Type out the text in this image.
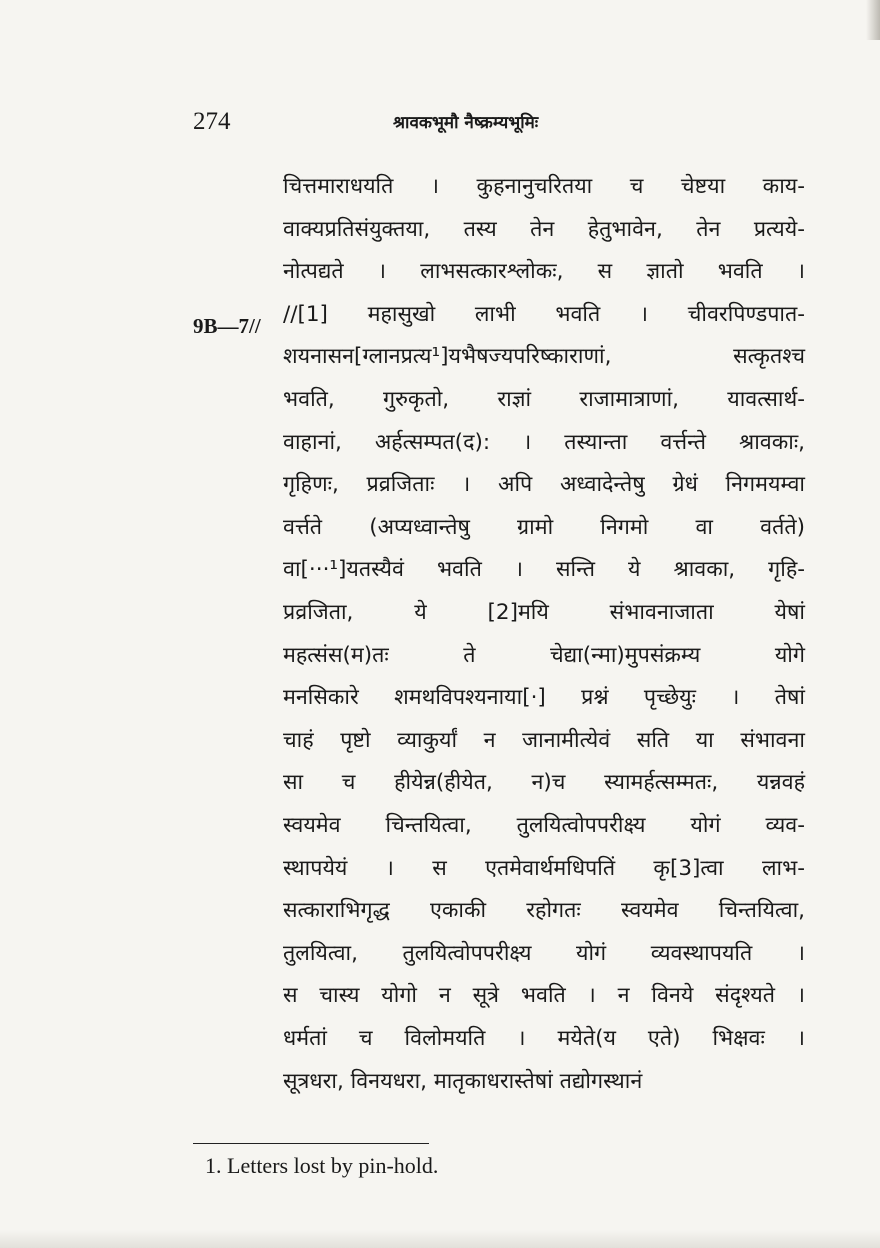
274	श्रावकभूमौ नैष्क्रम्यभूमिः
9B—7//
चित्तमाराधयति । कुहनानुचरितया च चेष्टया काय-
वाक्यप्रतिसंयुक्तया, तस्य तेन हेतुभावेन, तेन प्रत्यये-
नोत्पद्यते । लाभसत्कारश्लोकः, स ज्ञातो भवति ।
//[1] महासुखो लाभी भवति । चीवरपिण्डपात-
शयनासन[ग्लानप्रत्य¹]यभैषज्यपरिष्काराणां, सत्कृतश्च
भवति, गुरुकृतो, राज्ञां राजामात्राणां, यावत्सार्थ-
वाहानां, अर्हत्सम्पत(द): । तस्यान्ता वर्त्तन्ते श्रावकाः,
गृहिणः, प्रव्रजिताः । अपि अध्वादेन्तेषु ग्रेधं निगमयम्वा
वर्त्तते (अप्यध्वान्तेषु ग्रामो निगमो वा वर्तते)
वा[···¹]यतस्यैवं भवति । सन्ति ये श्रावका, गृहि-
प्रव्रजिता, ये [2]मयि संभावनाजाता येषां
महत्संस(म)तः ते चेद्या(न्मा)मुपसंक्रम्य योगे
मनसिकारे शमथविपश्यनाया[·] प्रश्नं पृच्छेयुः । तेषां
चाहं पृष्टो व्याकुर्यां न जानामीत्येवं सति या संभावना
सा च हीयेन्न(हीयेत, न)च स्यामर्हत्सम्मतः, यन्नवहं
स्वयमेव चिन्तयित्वा, तुलयित्वोपपरीक्ष्य योगं व्यव-
स्थापयेयं । स एतमेवार्थमधिपतिं कृ[3]त्वा लाभ-
सत्काराभिगृद्ध एकाकी रहोगतः स्वयमेव चिन्तयित्वा,
तुलयित्वा, तुलयित्वोपपरीक्ष्य योगं व्यवस्थापयति ।
स चास्य योगो न सूत्रे भवति । न विनये संदृश्यते ।
धर्मतां च विलोमयति । मयेते(य एते) भिक्षवः ।
सूत्रधरा, विनयधरा, मातृकाधरास्तेषां तद्योगस्थानं
1. Letters lost by pin-hold.
